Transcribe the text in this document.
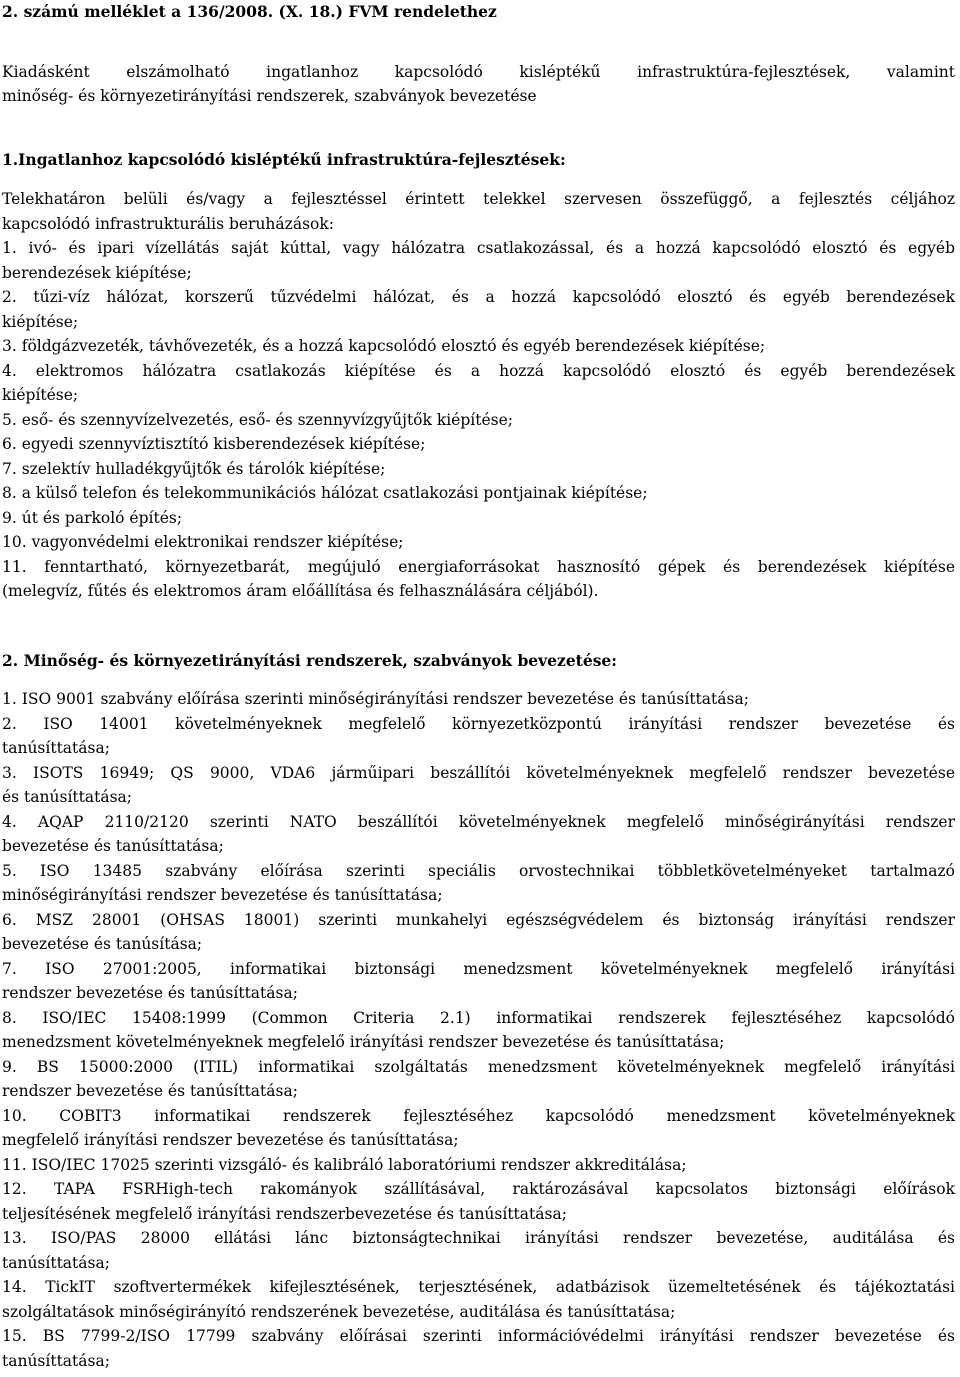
2. számú melléklet a 136/2008. (X. 18.) FVM rendelethez
Kiadásként elszámolható ingatlanhoz kapcsolódó kisléptékű infrastruktúra-fejlesztések, valamint
minőség- és környezetirányítási rendszerek, szabványok bevezetése
1.Ingatlanhoz kapcsolódó kisléptékű infrastruktúra-fejlesztések:
Telekhatáron belüli és/vagy a fejlesztéssel érintett telekkel szervesen összefüggő, a fejlesztés céljához
kapcsolódó infrastrukturális beruházások:
1. ivó- és ipari vízellátás saját kúttal, vagy hálózatra csatlakozással, és a hozzá kapcsolódó elosztó és egyéb
berendezések kiépítése;
2. tűzi-víz hálózat, korszerű tűzvédelmi hálózat, és a hozzá kapcsolódó elosztó és egyéb berendezések
kiépítése;
3. földgázvezeték, távhővezeték, és a hozzá kapcsolódó elosztó és egyéb berendezések kiépítése;
4. elektromos hálózatra csatlakozás kiépítése és a hozzá kapcsolódó elosztó és egyéb berendezések
kiépítése;
5. eső- és szennyvízelvezetés, eső- és szennyvízgyűjtők kiépítése;
6. egyedi szennyvíztisztító kisberendezések kiépítése;
7. szelektív hulladékgyűjtők és tárolók kiépítése;
8. a külső telefon és telekommunikációs hálózat csatlakozási pontjainak kiépítése;
9. út és parkoló építés;
10. vagyonvédelmi elektronikai rendszer kiépítése;
11. fenntartható, környezetbarát, megújuló energiaforrásokat hasznosító gépek és berendezések kiépítése
(melegvíz, fűtés és elektromos áram előállítása és felhasználására céljából).
2. Minőség- és környezetirányítási rendszerek, szabványok bevezetése:
1. ISO 9001 szabvány előírása szerinti minőségirányítási rendszer bevezetése és tanúsíttatása;
2. ISO 14001 követelményeknek megfelelő környezetközpontú irányítási rendszer bevezetése és
tanúsíttatása;
3. ISOTS 16949; QS 9000, VDA6 járműipari beszállítói követelményeknek megfelelő rendszer bevezetése
és tanúsíttatása;
4. AQAP 2110/2120 szerinti NATO beszállítói követelményeknek megfelelő minőségirányítási rendszer
bevezetése és tanúsíttatása;
5. ISO 13485 szabvány előírása szerinti speciális orvostechnikai többletkövetelményeket tartalmazó
minőségirányítási rendszer bevezetése és tanúsíttatása;
6. MSZ 28001 (OHSAS 18001) szerinti munkahelyi egészségvédelem és biztonság irányítási rendszer
bevezetése és tanúsítása;
7. ISO 27001:2005, informatikai biztonsági menedzsment követelményeknek megfelelő irányítási
rendszer bevezetése és tanúsíttatása;
8. ISO/IEC 15408:1999 (Common Criteria 2.1) informatikai rendszerek fejlesztéséhez kapcsolódó
menedzsment követelményeknek megfelelő irányítási rendszer bevezetése és tanúsíttatása;
9. BS 15000:2000 (ITIL) informatikai szolgáltatás menedzsment követelményeknek megfelelő irányítási
rendszer bevezetése és tanúsíttatása;
10. COBIT3 informatikai rendszerek fejlesztéséhez kapcsolódó menedzsment követelményeknek
megfelelő irányítási rendszer bevezetése és tanúsíttatása;
11. ISO/IEC 17025 szerinti vizsgáló- és kalibráló laboratóriumi rendszer akkreditálása;
12. TAPA FSRHigh-tech rakományok szállításával, raktározásával kapcsolatos biztonsági előírások
teljesítésének megfelelő irányítási rendszerbevezetése és tanúsíttatása;
13. ISO/PAS 28000 ellátási lánc biztonságtechnikai irányítási rendszer bevezetése, auditálása és
tanúsíttatása;
14. TickIT szoftvertermékek kifejlesztésének, terjesztésének, adatbázisok üzemeltetésének és tájékoztatási
szolgáltatások minőségirányító rendszerének bevezetése, auditálása és tanúsíttatása;
15. BS 7799-2/ISO 17799 szabvány előírásai szerinti információvédelmi irányítási rendszer bevezetése és
tanúsíttatása;
